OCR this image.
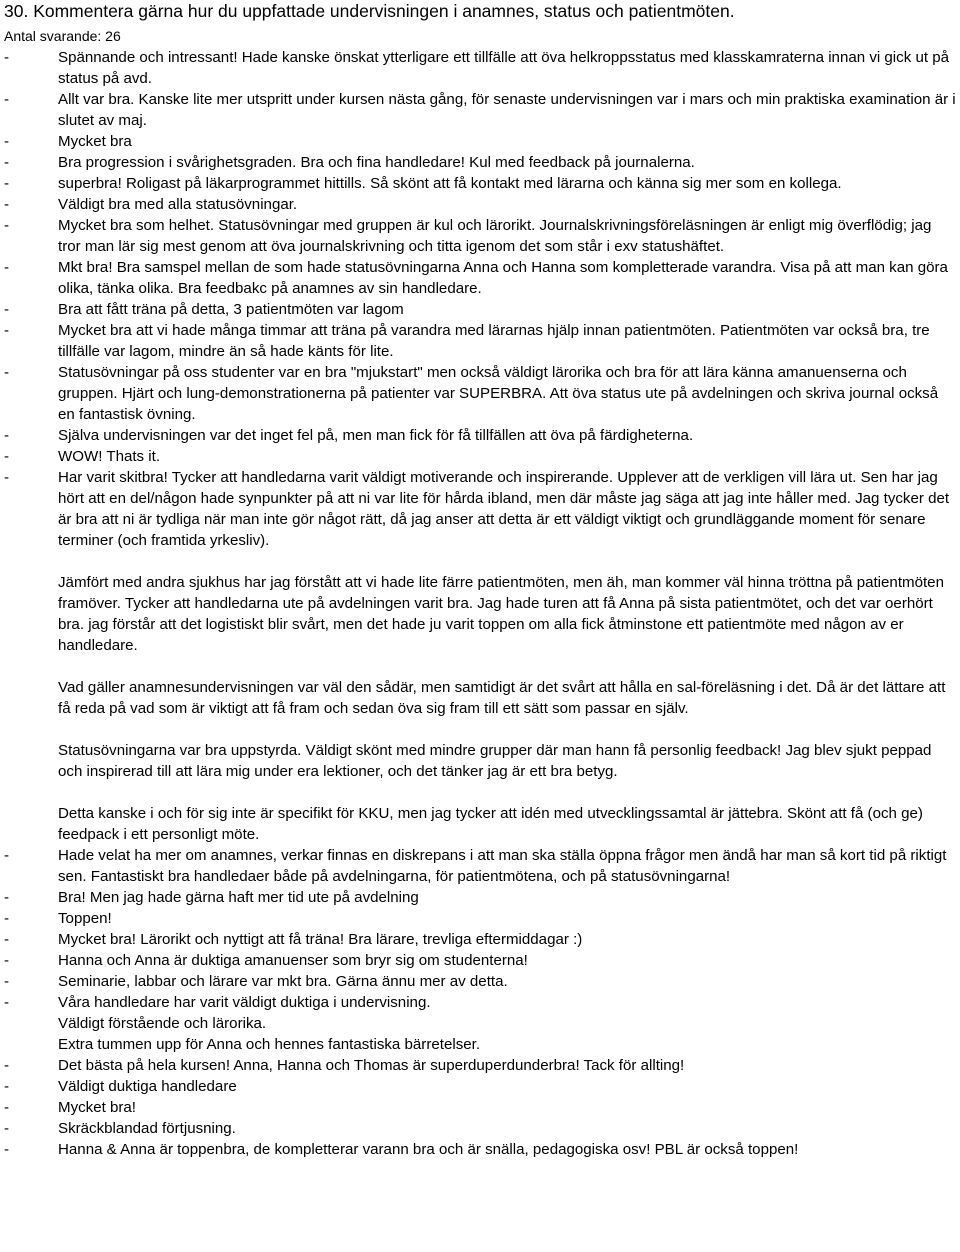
30. Kommentera gärna hur du uppfattade undervisningen i anamnes, status och patientmöten.
Antal svarande: 26
-	Spännande och intressant! Hade kanske önskat ytterligare ett tillfälle att öva helkroppsstatus med klasskamraterna innan vi gick ut på status på avd.

-	Allt var bra. Kanske lite mer utspritt under kursen nästa gång, för senaste undervisningen var i mars och min praktiska examination är i slutet av maj.

-	Mycket bra

-	Bra progression i svårighetsgraden. Bra och fina handledare! Kul med feedback på journalerna.

-	superbra! Roligast på läkarprogrammet hittills. Så skönt att få kontakt med lärarna och känna sig mer som en kollega.

-	Väldigt bra med alla statusövningar.

-	Mycket bra som helhet. Statusövningar med gruppen är kul och lärorikt. Journalskrivningsföreläsningen är enligt mig överflödig; jag tror man lär sig mest genom att öva journalskrivning och titta igenom det som står i exv statushäftet.

-	Mkt bra! Bra samspel mellan de som hade statusövningarna Anna och Hanna som kompletterade varandra. Visa på att man kan göra olika, tänka olika. Bra feedbakc på anamnes av sin handledare.

-	Bra att fått träna på detta, 3 patientmöten var lagom

-	Mycket bra att vi hade många timmar att träna på varandra med lärarnas hjälp innan patientmöten. Patientmöten var också bra, tre tillfälle var lagom, mindre än så hade känts för lite.

-	Statusövningar på oss studenter var en bra "mjukstart" men också väldigt lärorika och bra för att lära känna amanuenserna och gruppen. Hjärt och lung-demonstrationerna på patienter var SUPERBRA. Att öva status ute på avdelningen och skriva journal också en fantastisk övning.

-	Själva undervisningen var det inget fel på, men man fick för få tillfällen att öva på färdigheterna.

-	WOW! Thats it.

-	Har varit skitbra! Tycker att handledarna varit väldigt motiverande och inspirerande. Upplever att de verkligen vill lära ut. Sen har jag hört att en del/någon hade synpunkter på att ni var lite för hårda ibland, men där måste jag säga att jag inte håller med. Jag tycker det är bra att ni är tydliga när man inte gör något rätt, då jag anser att detta är ett väldigt viktigt och grundläggande moment för senare terminer (och framtida yrkesliv).

Jämfört med andra sjukhus har jag förstått att vi hade lite färre patientmöten, men äh, man kommer väl hinna tröttna på patientmöten framöver. Tycker att handledarna ute på avdelningen varit bra. Jag hade turen att få Anna på sista patientmötet, och det var oerhört bra. jag förstår att det logistiskt blir svårt, men det hade ju varit toppen om alla fick åtminstone ett patientmöte med någon av er handledare.

Vad gäller anamnesundervisningen var väl den sådär, men samtidigt är det svårt att hålla en sal-föreläsning i det. Då är det lättare att få reda på vad som är viktigt att få fram och sedan öva sig fram till ett sätt som passar en själv.

Statusövningarna var bra uppstyrda. Väldigt skönt med mindre grupper där man hann få personlig feedback! Jag blev sjukt peppad och inspirerad till att lära mig under era lektioner, och det tänker jag är ett bra betyg.

Detta kanske i och för sig inte är specifikt för KKU, men jag tycker att idén med utvecklingssamtal är jättebra. Skönt att få (och ge) feedpack i ett personligt möte.

-	Hade velat ha mer om anamnes, verkar finnas en diskrepans i att man ska ställa öppna frågor men ändå har man så kort tid på riktigt sen. Fantastiskt bra handledaer både på avdelningarna, för patientmötena, och på statusövningarna!

-	Bra! Men jag hade gärna haft mer tid ute på avdelning

-	Toppen!

-	Mycket bra! Lärorikt och nyttigt att få träna! Bra lärare, trevliga eftermiddagar :)

-	Hanna och Anna är duktiga amanuenser som bryr sig om studenterna!

-	Seminarie, labbar och lärare var mkt bra. Gärna ännu mer av detta.

-	Våra handledare har varit väldigt duktiga i undervisning.

Väldigt förstående och lärorika.

Extra tummen upp för Anna och hennes fantastiska bärretelser.

-	Det bästa på hela kursen! Anna, Hanna och Thomas är superduperdunderbra! Tack för allting!

-	Väldigt duktiga handledare

-	Mycket bra!

-	Skräckblandad förtjusning.

-	Hanna & Anna är toppenbra, de kompletterar varann bra och är snälla, pedagogiska osv! PBL är också toppen!
